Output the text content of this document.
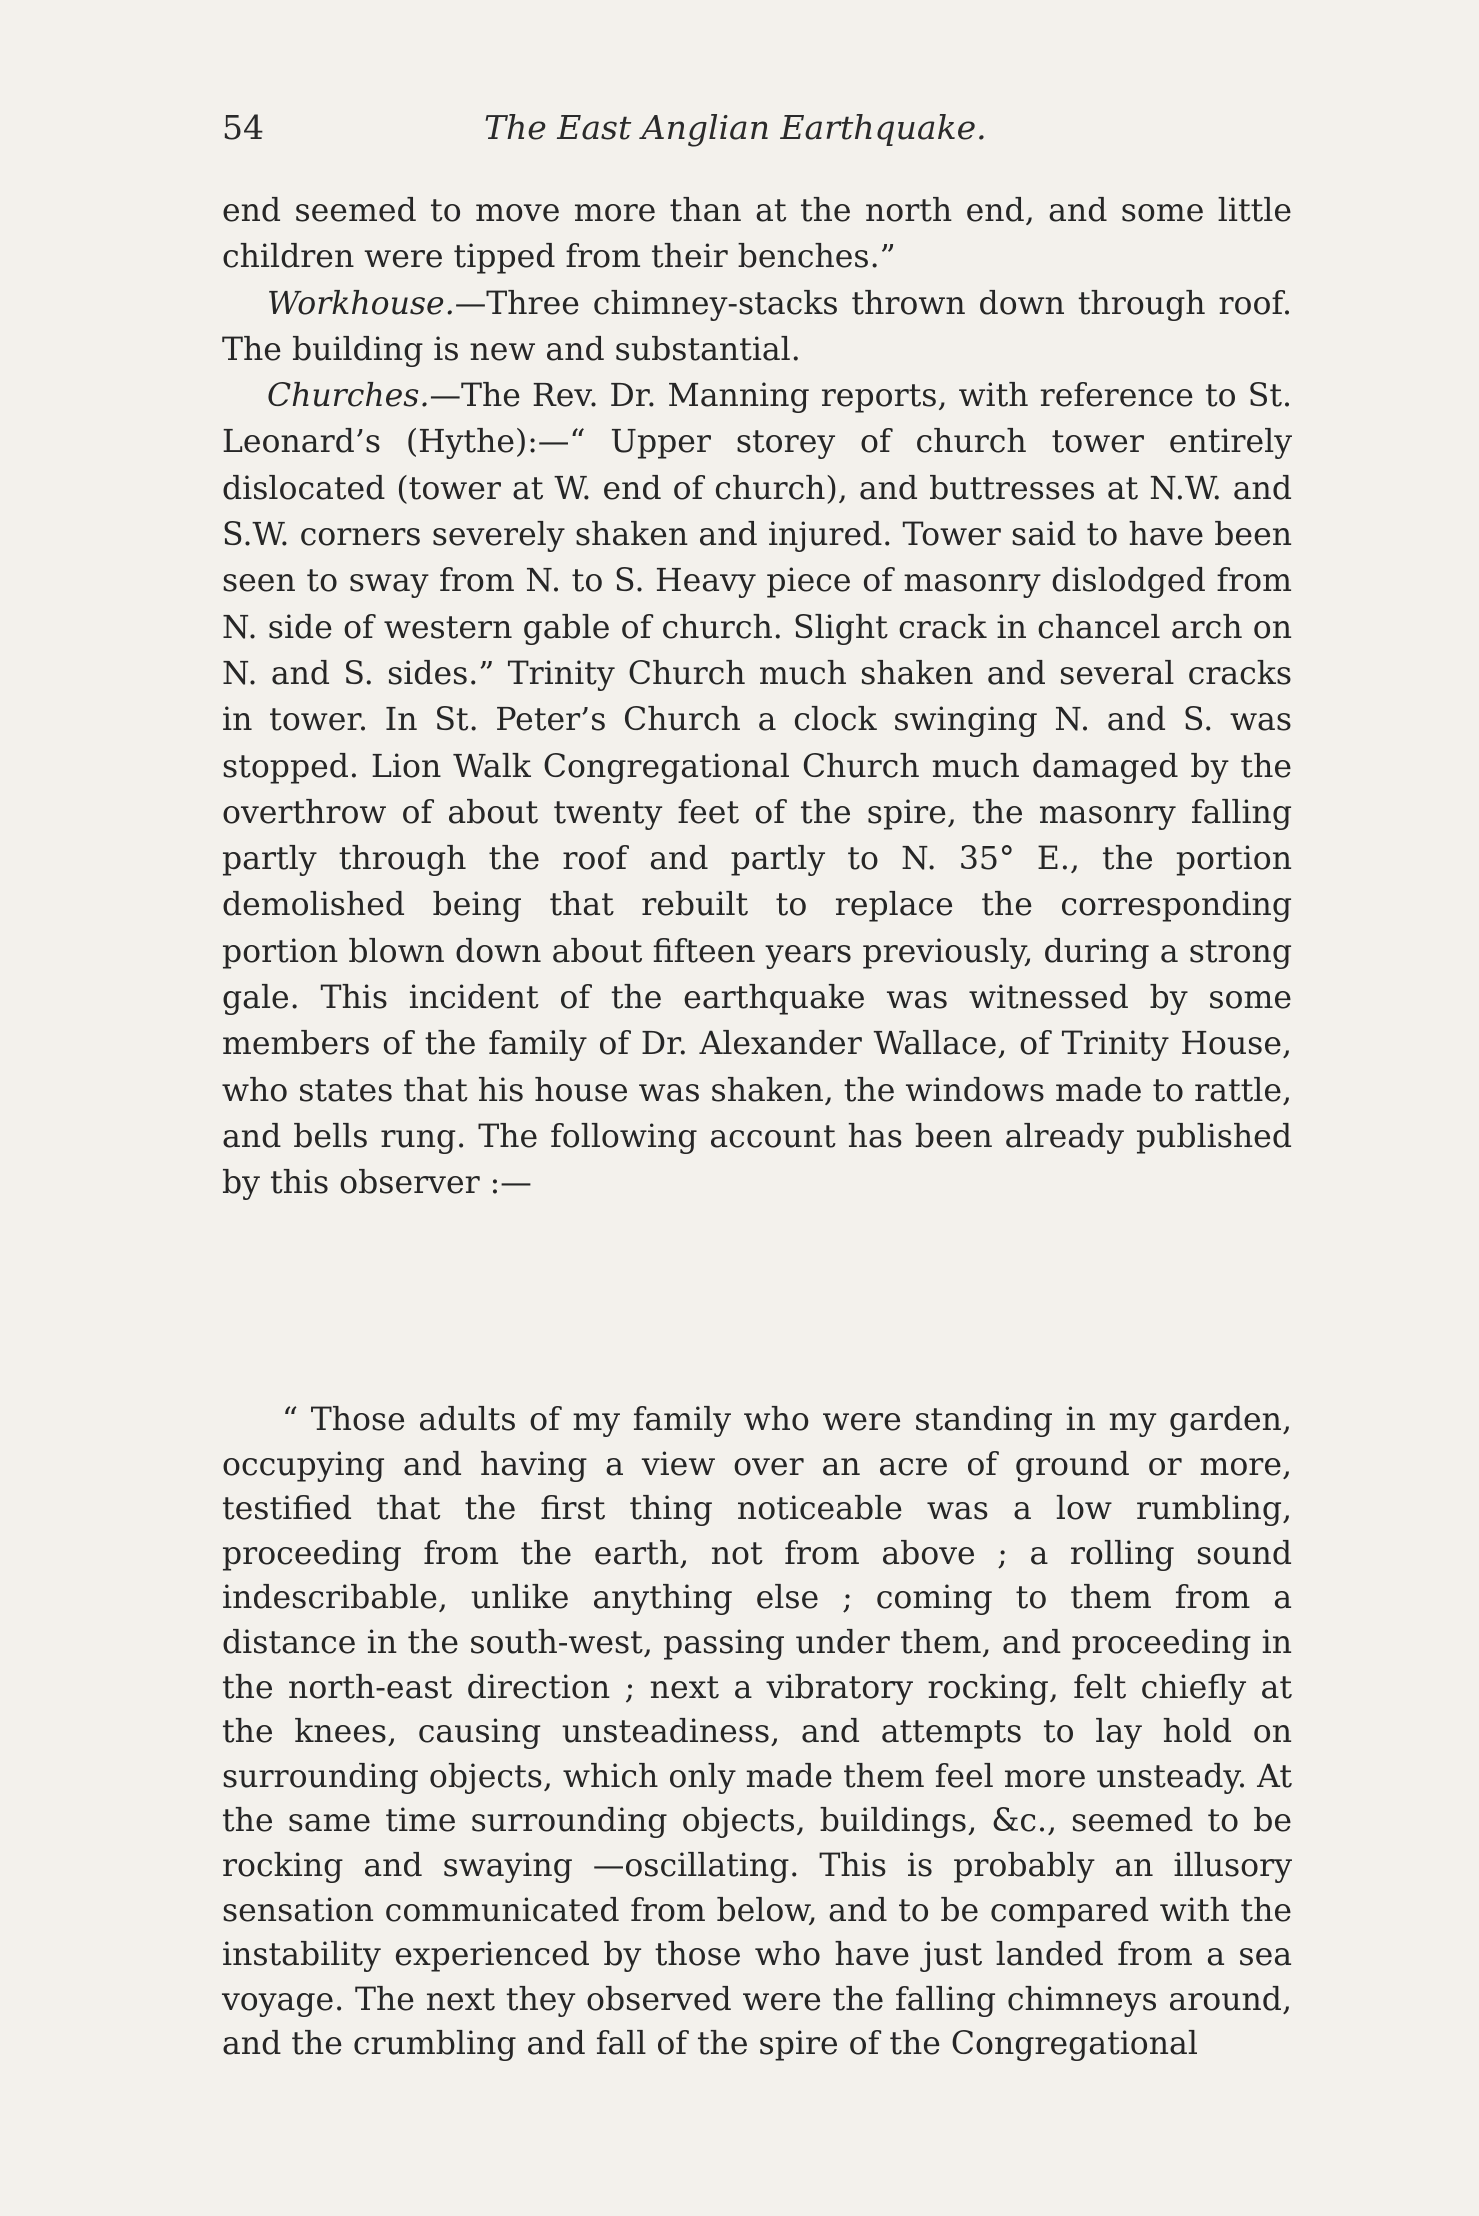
54	The East Anglian Earthquake.

end seemed to move more than at the north end, and some little children were tipped from their benches.”

Workhouse.—Three chimney-stacks thrown down through roof. The building is new and substantial.

Churches.—The Rev. Dr. Manning reports, with reference to St. Leonard’s (Hythe):—“ Upper storey of church tower entirely dislocated (tower at W. end of church), and buttresses at N.W. and S.W. corners severely shaken and injured. Tower said to have been seen to sway from N. to S. Heavy piece of masonry dislodged from N. side of western gable of church. Slight crack in chancel arch on N. and S. sides.” Trinity Church much shaken and several cracks in tower. In St. Peter’s Church a clock swinging N. and S. was stopped. Lion Walk Congregational Church much damaged by the overthrow of about twenty feet of the spire, the masonry falling partly through the roof and partly to N. 35° E., the portion demolished being that rebuilt to replace the corresponding portion blown down about fifteen years previously, during a strong gale. This incident of the earthquake was witnessed by some members of the family of Dr. Alexander Wallace, of Trinity House, who states that his house was shaken, the windows made to rattle, and bells rung. The following account has been already published by this observer :—

“ Those adults of my family who were standing in my garden, occupying and having a view over an acre of ground or more, testified that the first thing noticeable was a low rumbling, proceeding from the earth, not from above ; a rolling sound indescribable, unlike anything else ; coming to them from a distance in the south-west, passing under them, and proceeding in the north-east direction ; next a vibratory rocking, felt chiefly at the knees, causing unsteadiness, and attempts to lay hold on surrounding objects, which only made them feel more unsteady. At the same time surrounding objects, buildings, &c., seemed to be rocking and swaying —oscillating. This is probably an illusory sensation communicated from below, and to be compared with the instability experienced by those who have just landed from a sea voyage. The next they observed were the falling chimneys around, and the crumbling and fall of the spire of the Congregational
